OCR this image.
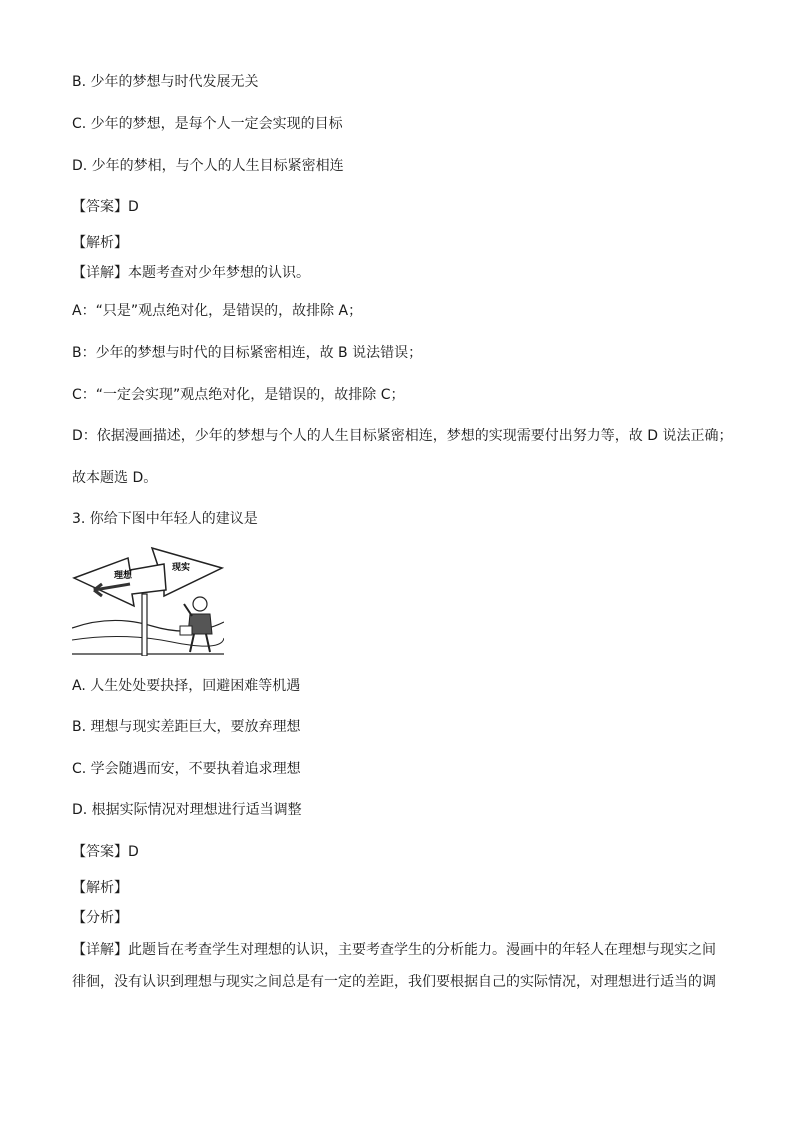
B. 少年的梦想与时代发展无关
C. 少年的梦想，是每个人一定会实现的目标
D. 少年的梦相，与个人的人生目标紧密相连
【答案】D
【解析】
【详解】本题考查对少年梦想的认识。
A：“只是”观点绝对化，是错误的，故排除 A；
B：少年的梦想与时代的目标紧密相连，故 B 说法错误；
C：“一定会实现”观点绝对化，是错误的，故排除 C；
D：依据漫画描述，少年的梦想与个人的人生目标紧密相连，梦想的实现需要付出努力等，故 D 说法正确；
故本题选 D。
3. 你给下图中年轻人的建议是
理想
现实
A. 人生处处要抉择，回避困难等机遇
B. 理想与现实差距巨大，要放弃理想
C. 学会随遇而安，不要执着追求理想
D. 根据实际情况对理想进行适当调整
【答案】D
【解析】
【分析】
【详解】此题旨在考查学生对理想的认识，主要考查学生的分析能力。漫画中的年轻人在理想与现实之间徘徊，没有认识到理想与现实之间总是有一定的差距，我们要根据自己的实际情况，对理想进行适当的调
